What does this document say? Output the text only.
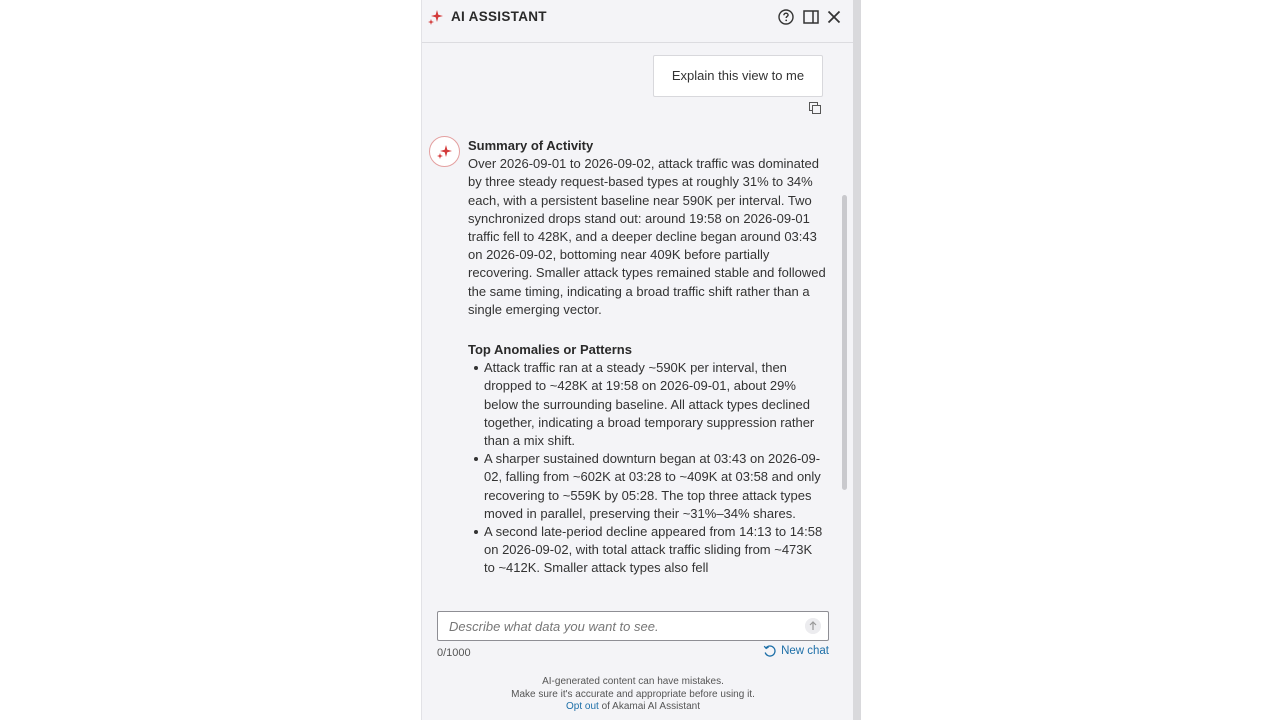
AI ASSISTANT
Explain this view to me
Summary of Activity

Over 2026-09-01 to 2026-09-02, attack traffic was dominated by three steady request-based types at roughly 31% to 34% each, with a persistent baseline near 590K per interval. Two synchronized drops stand out: around 19:58 on 2026-09-01 traffic fell to 428K, and a deeper decline began around 03:43 on 2026-09-02, bottoming near 409K before partially recovering. Smaller attack types remained stable and followed the same timing, indicating a broad traffic shift rather than a single emerging vector.

Top Anomalies or Patterns
Attack traffic ran at a steady ~590K per interval, then dropped to ~428K at 19:58 on 2026-09-01, about 29% below the surrounding baseline. All attack types declined together, indicating a broad temporary suppression rather than a mix shift.
A sharper sustained downturn began at 03:43 on 2026-09-02, falling from ~602K at 03:28 to ~409K at 03:58 and only recovering to ~559K by 05:28. The top three attack types moved in parallel, preserving their ~31%–34% shares.
A second late-period decline appeared from 14:13 to 14:58 on 2026-09-02, with total attack traffic sliding from ~473K to ~412K. Smaller attack types also fell
Describe what data you want to see.
0/1000	New chat
AI-generated content can have mistakes.
Make sure it's accurate and appropriate before using it.
Opt out of Akamai AI Assistant
